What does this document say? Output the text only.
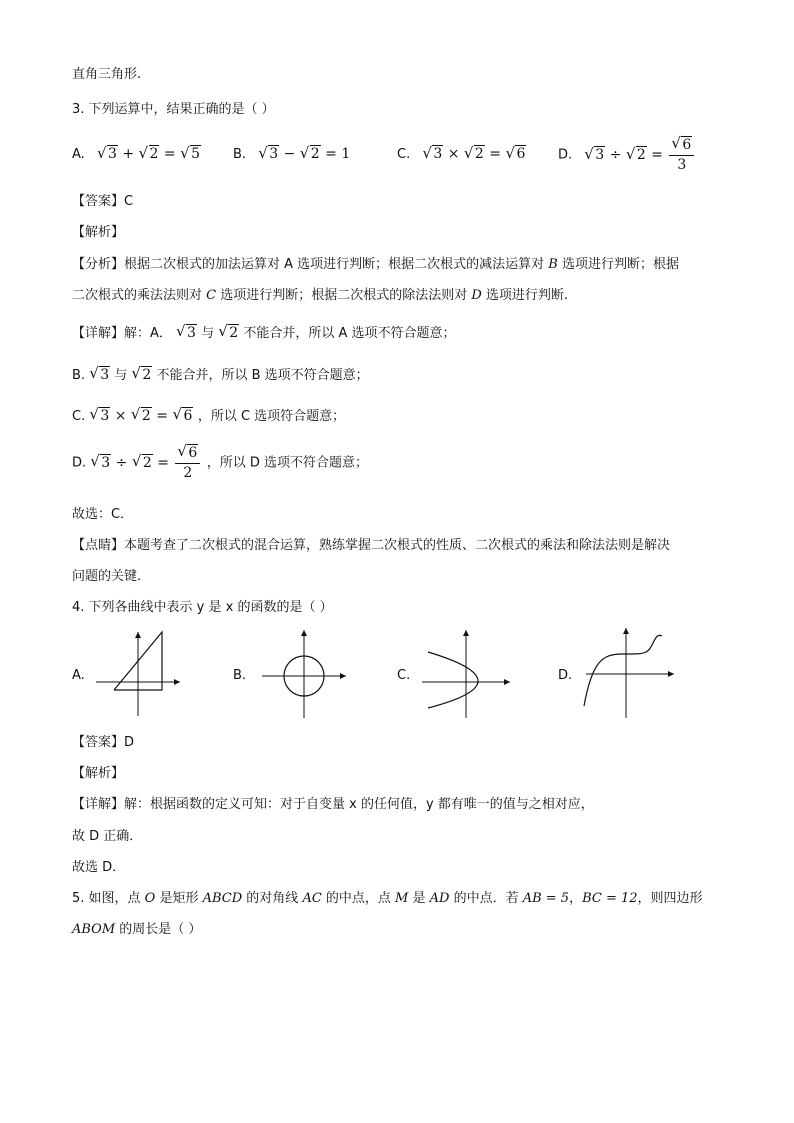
直角三角形.
3. 下列运算中，结果正确的是（ ）
A. √ 3 + √ 2 = √ 5	B. √ 3 − √ 2 = 1	C. √ 3 × √ 2 = √ 6	D. √ 3 ÷ √ $2 = \frac{√ 6}{3}$
【答案】C
【解析】
【分析】根据二次根式的加法运算对 A 选项进行判断；根据二次根式的减法运算对 B 选项进行判断；根据
二次根式的乘法法则对 C 选项进行判断；根据二次根式的除法法则对 D 选项进行判断.
【详解】解：A． √ 3 与 √ 2 不能合并，所以 A 选项不符合题意；
B. √ 3 与 √ 2 不能合并，所以 B 选项不符合题意；
C. √ 3 × √ 2 = √ 6 ，所以 C 选项符合题意；
D. √ 3 ÷ √ $2 = \frac{√ 6}{2}$ ，所以 D 选项不符合题意；
故选：C．
【点睛】本题考查了二次根式的混合运算，熟练掌握二次根式的性质、二次根式的乘法和除法法则是解决
问题的关键．
4. 下列各曲线中表示 y 是 x 的函数的是（ ）
A.	B.	C.	D.
【答案】D
【解析】
【详解】解：根据函数的定义可知：对于自变量 x 的任何值，y 都有唯一的值与之相对应，
故 D 正确．
故选 D．
5. 如图，点 O 是矩形 ABCD 的对角线 AC 的中点，点 M 是 AD 的中点．若 AB = 5，BC = 12，则四边形
ABOM 的周长是（ ）
